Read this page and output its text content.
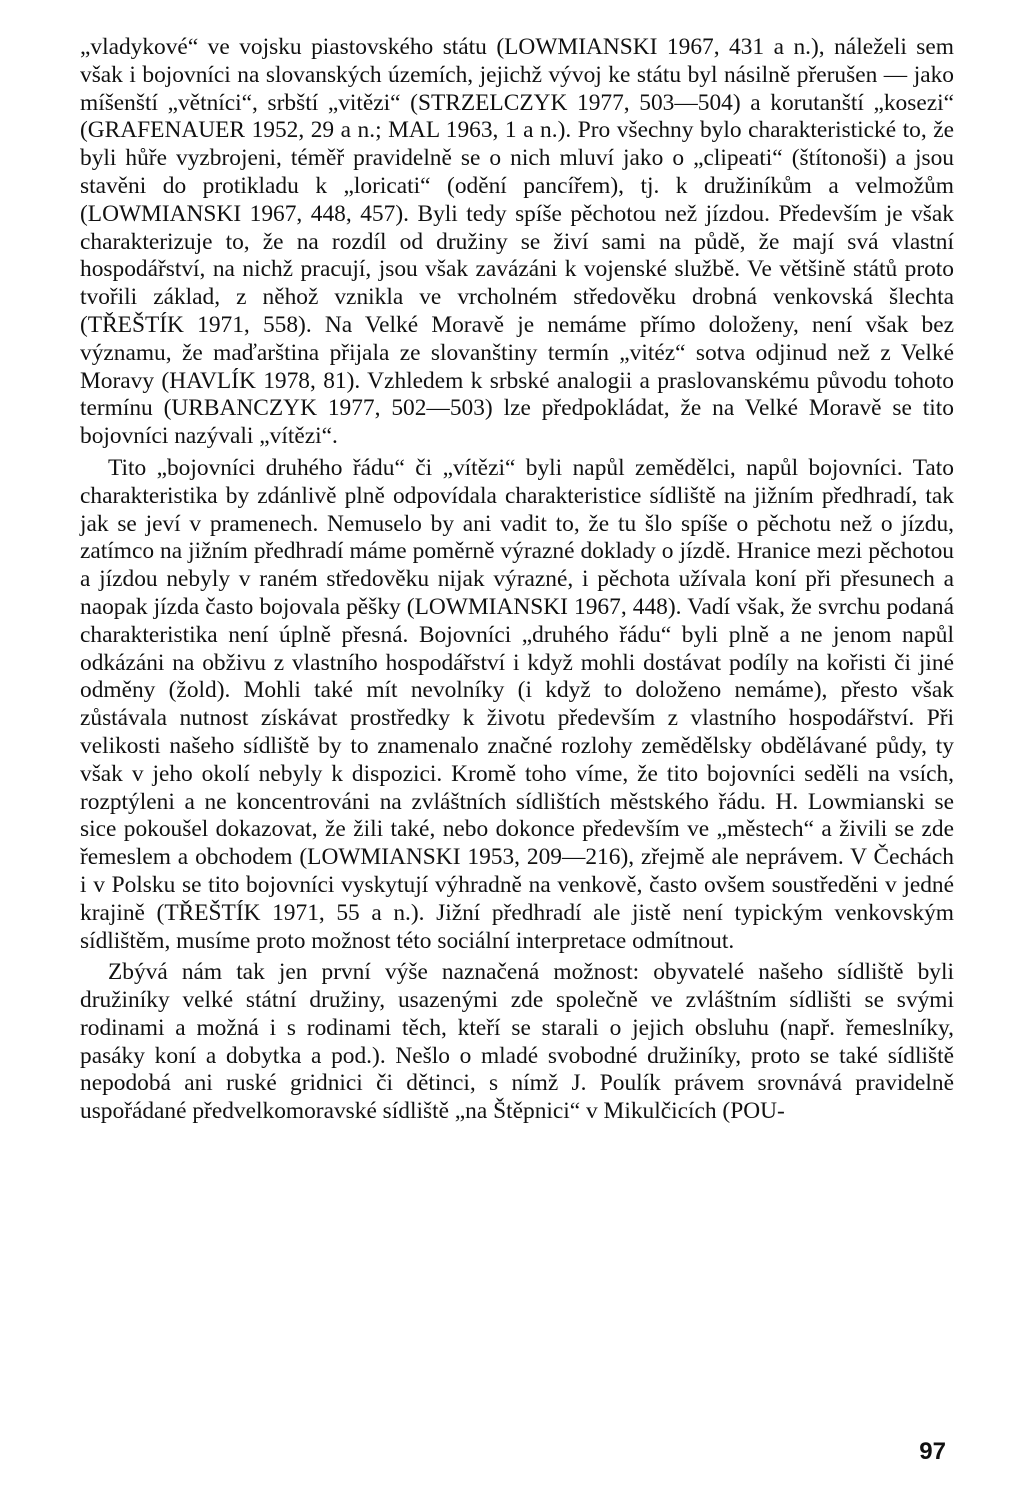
„vladykové“ ve vojsku piastovského státu (LOWMIANSKI 1967, 431 a n.), náleželi sem však i bojovníci na slovanských územích, jejichž vývoj ke státu byl násilně přerušen — jako míšenští „větníci“, srbští „vitězi“ (STRZELCZYK 1977, 503—504) a korutanští „kosezi“ (GRAFENAUER 1952, 29 a n.; MAL 1963, 1 a n.). Pro všechny bylo charakteristické to, že byli hůře vyzbrojeni, téměř pravidelně se o nich mluví jako o „clipeati“ (štítonoši) a jsou stavěni do protikladu k „loricati“ (odění pancířem), tj. k družiníkům a velmožům (LOWMIANSKI 1967, 448, 457). Byli tedy spíše pěchotou než jízdou. Především je však charakterizuje to, že na rozdíl od družiny se živí sami na půdě, že mají svá vlastní hospodářství, na nichž pracují, jsou však zavázáni k vojenské službě. Ve většině států proto tvořili základ, z něhož vznikla ve vrcholném středověku drobná venkovská šlechta (TŘEŠTÍK 1971, 558). Na Velké Moravě je nemáme přímo doloženy, není však bez významu, že maďarština přijala ze slovanštiny termín „vitéz“ sotva odjinud než z Velké Moravy (HAVLÍK 1978, 81). Vzhledem k srbské analogii a praslovanskému původu tohoto termínu (URBANCZYK 1977, 502—503) lze předpokládat, že na Velké Moravě se tito bojovníci nazývali „vítězi“.

Tito „bojovníci druhého řádu“ či „vítězi“ byli napůl zemědělci, napůl bojovníci. Tato charakteristika by zdánlivě plně odpovídala charakteristice sídliště na jižním předhradí, tak jak se jeví v pramenech. Nemuselo by ani vadit to, že tu šlo spíše o pěchotu než o jízdu, zatímco na jižním předhradí máme poměrně výrazné doklady o jízdě. Hranice mezi pěchotou a jízdou nebyly v raném středověku nijak výrazné, i pěchota užívala koní při přesunech a naopak jízda často bojovala pěšky (LOWMIANSKI 1967, 448). Vadí však, že svrchu podaná charakteristika není úplně přesná. Bojovníci „druhého řádu“ byli plně a ne jenom napůl odkázáni na obživu z vlastního hospodářství i když mohli dostávat podíly na kořisti či jiné odměny (žold). Mohli také mít nevolníky (i když to doloženo nemáme), přesto však zůstávala nutnost získávat prostředky k životu především z vlastního hospodářství. Při velikosti našeho sídliště by to znamenalo značné rozlohy zemědělsky obdělávané půdy, ty však v jeho okolí nebyly k dispozici. Kromě toho víme, že tito bojovníci seděli na vsích, rozptýleni a ne koncentrováni na zvláštních sídlištích městského řádu. H. Lowmianski se sice pokoušel dokazovat, že žili také, nebo dokonce především ve „městech“ a živili se zde řemeslem a obchodem (LOWMIANSKI 1953, 209—216), zřejmě ale neprávem. V Čechách i v Polsku se tito bojovníci vyskytují výhradně na venkově, často ovšem soustředěni v jedné krajině (TŘEŠTÍK 1971, 55 a n.). Jižní předhradí ale jistě není typickým venkovským sídlištěm, musíme proto možnost této sociální interpretace odmítnout.

Zbývá nám tak jen první výše naznačená možnost: obyvatelé našeho sídliště byli družiníky velké státní družiny, usazenými zde společně ve zvláštním sídlišti se svými rodinami a možná i s rodinami těch, kteří se starali o jejich obsluhu (např. řemeslníky, pasáky koní a dobytka a pod.). Nešlo o mladé svobodné družiníky, proto se také sídliště nepodobá ani ruské gridnici či dětinci, s nímž J. Poulík právem srovnává pravidelně uspořádané předvelkomoravské sídliště „na Štěpnici“ v Mikulčicích (POU-

97
